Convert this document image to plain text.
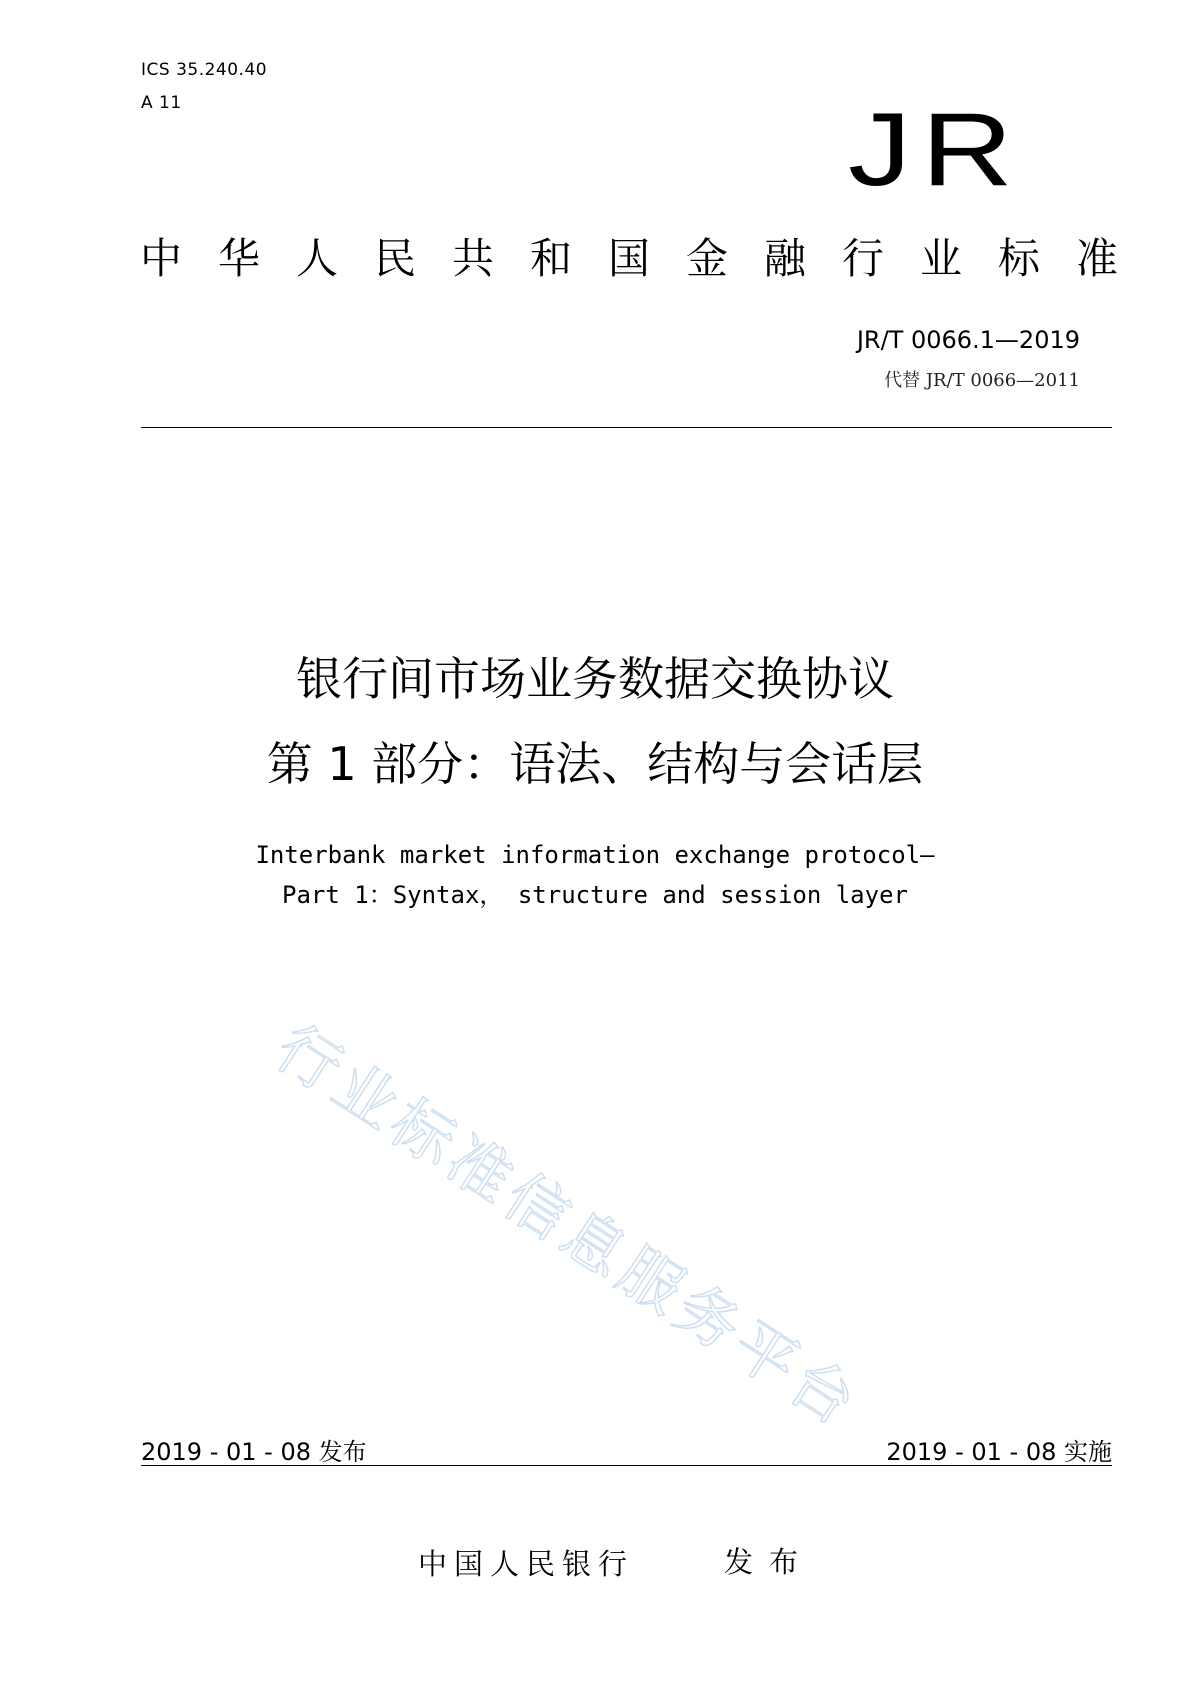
ICS 35.240.40
A 11	JR
中华人民共和国金融行业标准
JR/T 0066.1—2019
代替 JR/T 0066—2011
银行间市场业务数据交换协议
第 1 部分：语法、结构与会话层
Interbank market information exchange protocol—
Part 1：Syntax， structure and session layer
行业标准信息服务平台
2019 - 01 - 08 发布	2019 - 01 - 08 实施
中国人民银行	发布
